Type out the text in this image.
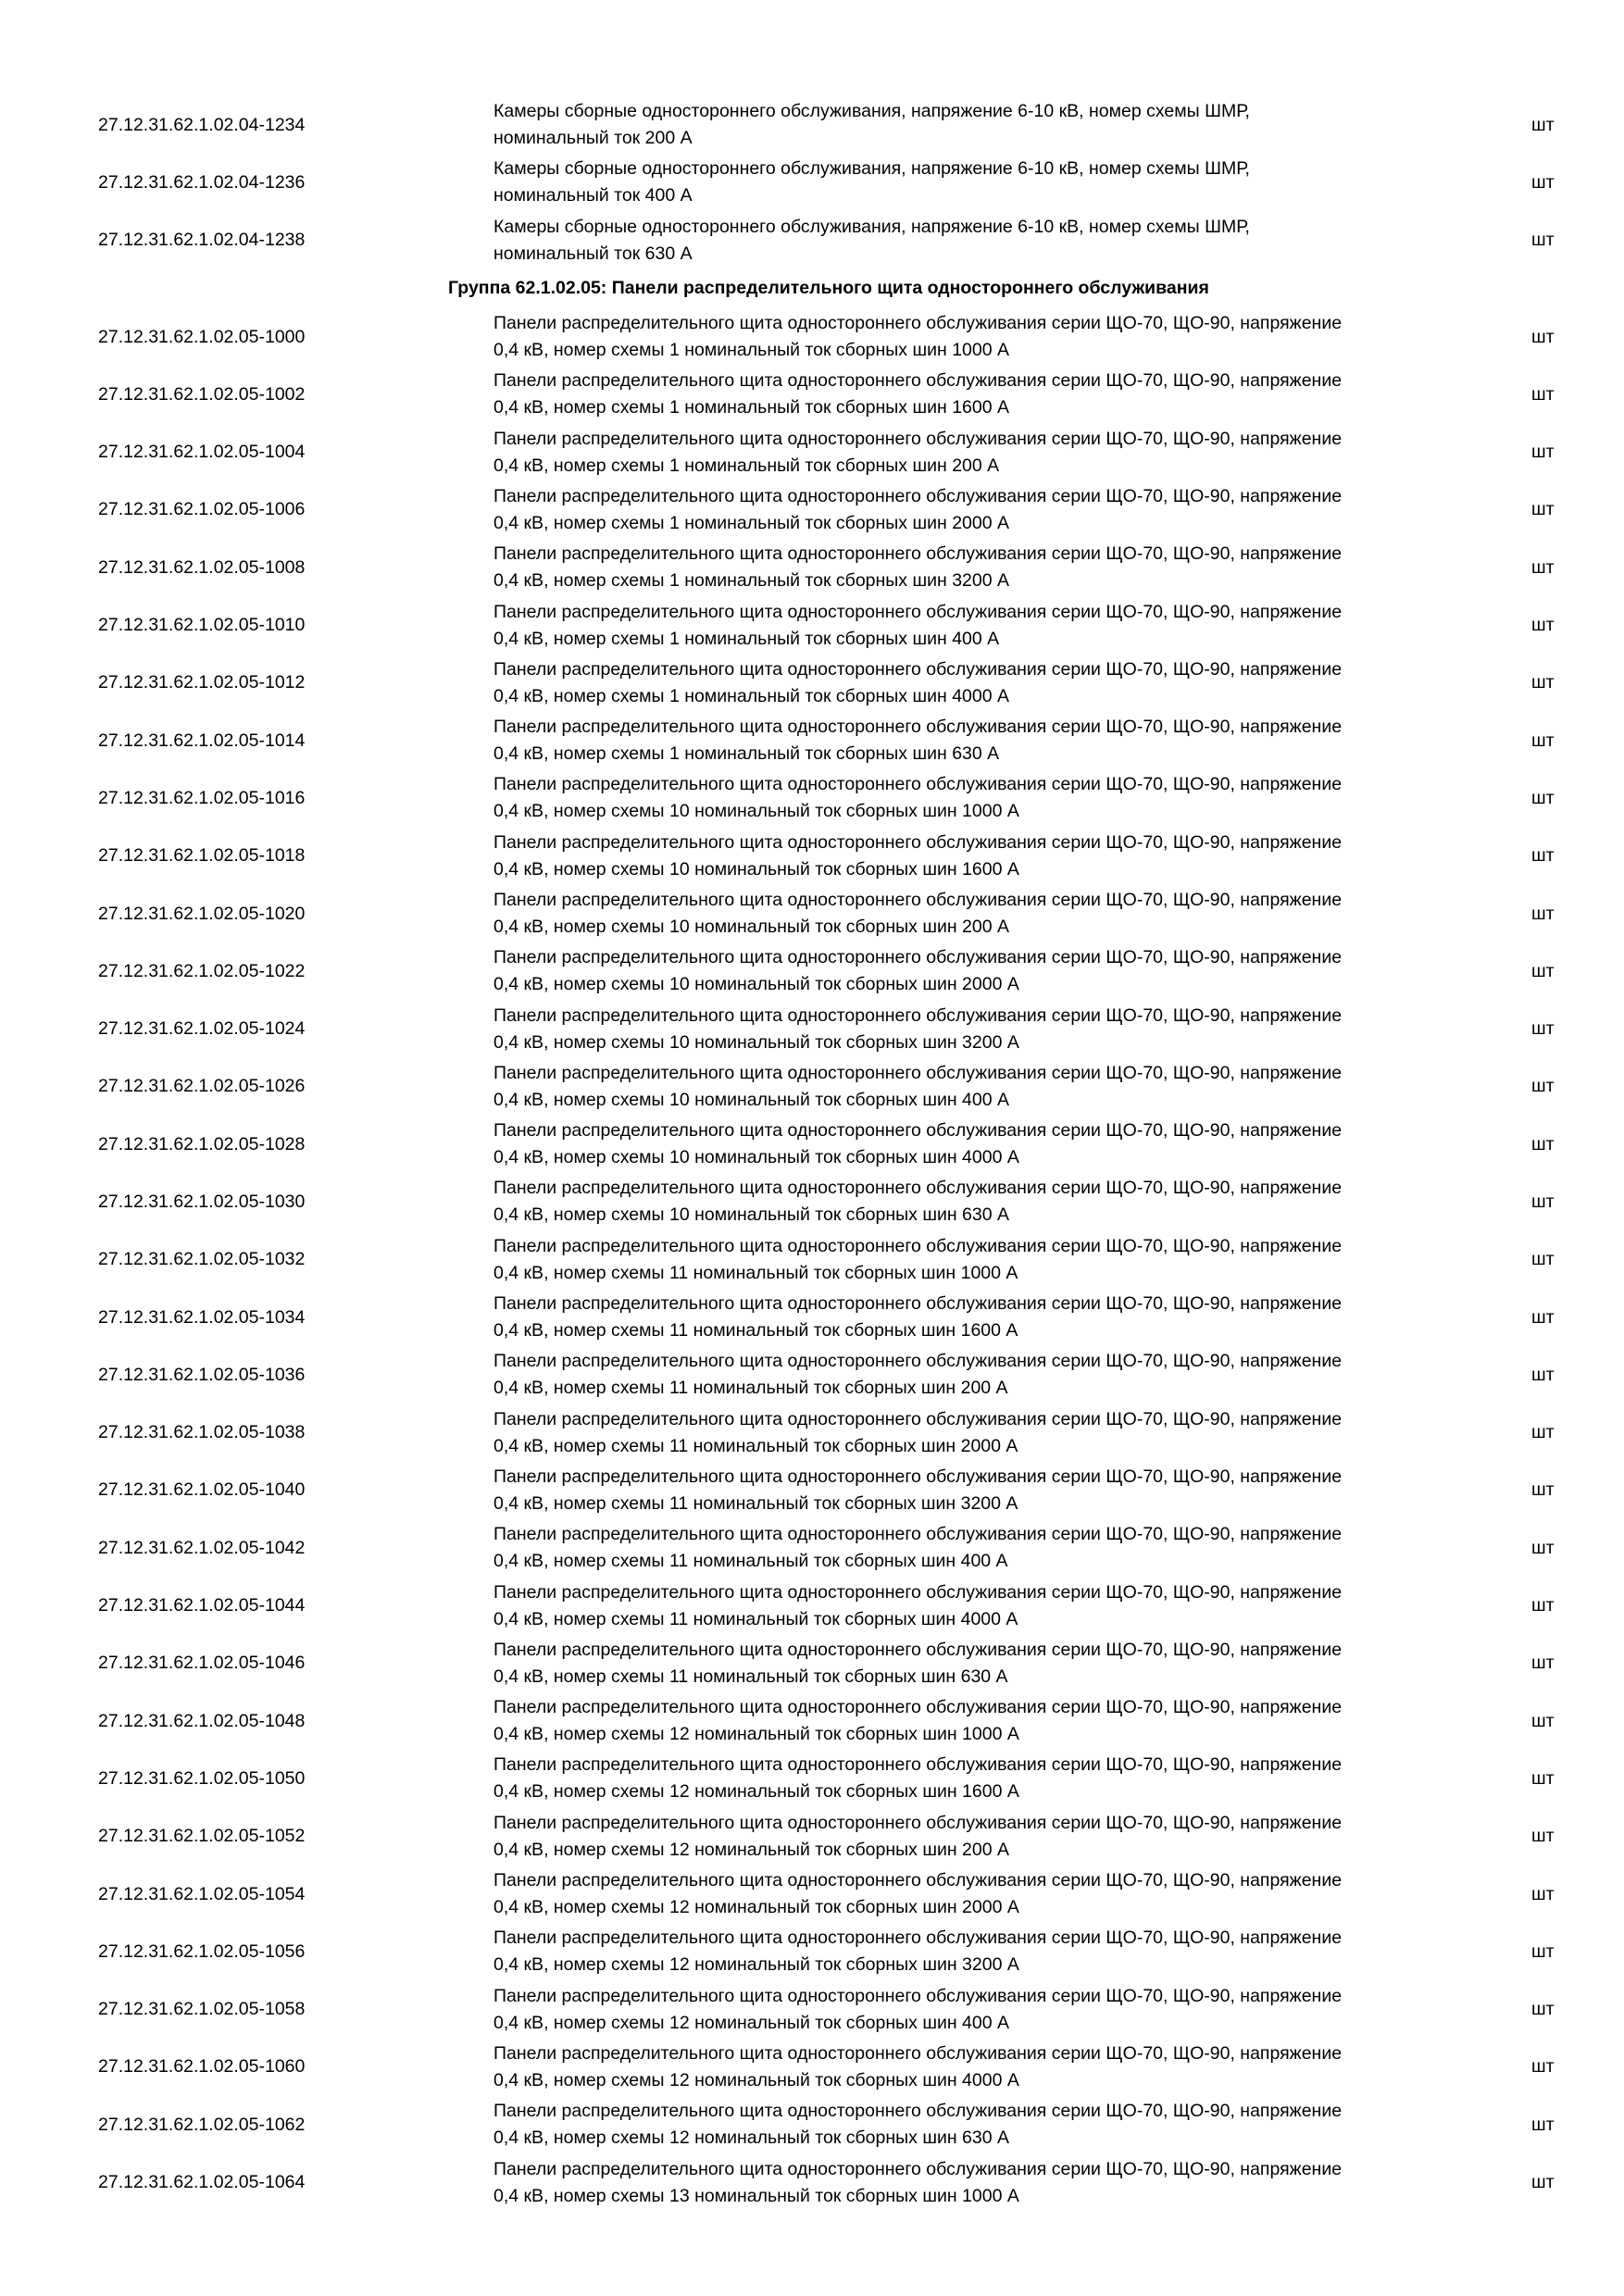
27.12.31.62.1.02.04-1234
Камеры сборные одностороннего обслуживания, напряжение 6-10 кВ, номер схемы ШМР,
номинальный ток 200 А
шт
27.12.31.62.1.02.04-1236
Камеры сборные одностороннего обслуживания, напряжение 6-10 кВ, номер схемы ШМР,
номинальный ток 400 А
шт
27.12.31.62.1.02.04-1238
Камеры сборные одностороннего обслуживания, напряжение 6-10 кВ, номер схемы ШМР,
номинальный ток 630 А
шт
Группа 62.1.02.05: Панели распределительного щита одностороннего обслуживания
27.12.31.62.1.02.05-1000
Панели распределительного щита одностороннего обслуживания серии ЩО-70, ЩО-90, напряжение
0,4 кВ, номер схемы 1 номинальный ток сборных шин 1000 А
шт
27.12.31.62.1.02.05-1002
Панели распределительного щита одностороннего обслуживания серии ЩО-70, ЩО-90, напряжение
0,4 кВ, номер схемы 1 номинальный ток сборных шин 1600 А
шт
27.12.31.62.1.02.05-1004
Панели распределительного щита одностороннего обслуживания серии ЩО-70, ЩО-90, напряжение
0,4 кВ, номер схемы 1 номинальный ток сборных шин 200 А
шт
27.12.31.62.1.02.05-1006
Панели распределительного щита одностороннего обслуживания серии ЩО-70, ЩО-90, напряжение
0,4 кВ, номер схемы 1 номинальный ток сборных шин 2000 А
шт
27.12.31.62.1.02.05-1008
Панели распределительного щита одностороннего обслуживания серии ЩО-70, ЩО-90, напряжение
0,4 кВ, номер схемы 1 номинальный ток сборных шин 3200 А
шт
27.12.31.62.1.02.05-1010
Панели распределительного щита одностороннего обслуживания серии ЩО-70, ЩО-90, напряжение
0,4 кВ, номер схемы 1 номинальный ток сборных шин 400 А
шт
27.12.31.62.1.02.05-1012
Панели распределительного щита одностороннего обслуживания серии ЩО-70, ЩО-90, напряжение
0,4 кВ, номер схемы 1 номинальный ток сборных шин 4000 А
шт
27.12.31.62.1.02.05-1014
Панели распределительного щита одностороннего обслуживания серии ЩО-70, ЩО-90, напряжение
0,4 кВ, номер схемы 1 номинальный ток сборных шин 630 А
шт
27.12.31.62.1.02.05-1016
Панели распределительного щита одностороннего обслуживания серии ЩО-70, ЩО-90, напряжение
0,4 кВ, номер схемы 10 номинальный ток сборных шин 1000 А
шт
27.12.31.62.1.02.05-1018
Панели распределительного щита одностороннего обслуживания серии ЩО-70, ЩО-90, напряжение
0,4 кВ, номер схемы 10 номинальный ток сборных шин 1600 А
шт
27.12.31.62.1.02.05-1020
Панели распределительного щита одностороннего обслуживания серии ЩО-70, ЩО-90, напряжение
0,4 кВ, номер схемы 10 номинальный ток сборных шин 200 А
шт
27.12.31.62.1.02.05-1022
Панели распределительного щита одностороннего обслуживания серии ЩО-70, ЩО-90, напряжение
0,4 кВ, номер схемы 10 номинальный ток сборных шин 2000 А
шт
27.12.31.62.1.02.05-1024
Панели распределительного щита одностороннего обслуживания серии ЩО-70, ЩО-90, напряжение
0,4 кВ, номер схемы 10 номинальный ток сборных шин 3200 А
шт
27.12.31.62.1.02.05-1026
Панели распределительного щита одностороннего обслуживания серии ЩО-70, ЩО-90, напряжение
0,4 кВ, номер схемы 10 номинальный ток сборных шин 400 А
шт
27.12.31.62.1.02.05-1028
Панели распределительного щита одностороннего обслуживания серии ЩО-70, ЩО-90, напряжение
0,4 кВ, номер схемы 10 номинальный ток сборных шин 4000 А
шт
27.12.31.62.1.02.05-1030
Панели распределительного щита одностороннего обслуживания серии ЩО-70, ЩО-90, напряжение
0,4 кВ, номер схемы 10 номинальный ток сборных шин 630 А
шт
27.12.31.62.1.02.05-1032
Панели распределительного щита одностороннего обслуживания серии ЩО-70, ЩО-90, напряжение
0,4 кВ, номер схемы 11 номинальный ток сборных шин 1000 А
шт
27.12.31.62.1.02.05-1034
Панели распределительного щита одностороннего обслуживания серии ЩО-70, ЩО-90, напряжение
0,4 кВ, номер схемы 11 номинальный ток сборных шин 1600 А
шт
27.12.31.62.1.02.05-1036
Панели распределительного щита одностороннего обслуживания серии ЩО-70, ЩО-90, напряжение
0,4 кВ, номер схемы 11 номинальный ток сборных шин 200 А
шт
27.12.31.62.1.02.05-1038
Панели распределительного щита одностороннего обслуживания серии ЩО-70, ЩО-90, напряжение
0,4 кВ, номер схемы 11 номинальный ток сборных шин 2000 А
шт
27.12.31.62.1.02.05-1040
Панели распределительного щита одностороннего обслуживания серии ЩО-70, ЩО-90, напряжение
0,4 кВ, номер схемы 11 номинальный ток сборных шин 3200 А
шт
27.12.31.62.1.02.05-1042
Панели распределительного щита одностороннего обслуживания серии ЩО-70, ЩО-90, напряжение
0,4 кВ, номер схемы 11 номинальный ток сборных шин 400 А
шт
27.12.31.62.1.02.05-1044
Панели распределительного щита одностороннего обслуживания серии ЩО-70, ЩО-90, напряжение
0,4 кВ, номер схемы 11 номинальный ток сборных шин 4000 А
шт
27.12.31.62.1.02.05-1046
Панели распределительного щита одностороннего обслуживания серии ЩО-70, ЩО-90, напряжение
0,4 кВ, номер схемы 11 номинальный ток сборных шин 630 А
шт
27.12.31.62.1.02.05-1048
Панели распределительного щита одностороннего обслуживания серии ЩО-70, ЩО-90, напряжение
0,4 кВ, номер схемы 12 номинальный ток сборных шин 1000 А
шт
27.12.31.62.1.02.05-1050
Панели распределительного щита одностороннего обслуживания серии ЩО-70, ЩО-90, напряжение
0,4 кВ, номер схемы 12 номинальный ток сборных шин 1600 А
шт
27.12.31.62.1.02.05-1052
Панели распределительного щита одностороннего обслуживания серии ЩО-70, ЩО-90, напряжение
0,4 кВ, номер схемы 12 номинальный ток сборных шин 200 А
шт
27.12.31.62.1.02.05-1054
Панели распределительного щита одностороннего обслуживания серии ЩО-70, ЩО-90, напряжение
0,4 кВ, номер схемы 12 номинальный ток сборных шин 2000 А
шт
27.12.31.62.1.02.05-1056
Панели распределительного щита одностороннего обслуживания серии ЩО-70, ЩО-90, напряжение
0,4 кВ, номер схемы 12 номинальный ток сборных шин 3200 А
шт
27.12.31.62.1.02.05-1058
Панели распределительного щита одностороннего обслуживания серии ЩО-70, ЩО-90, напряжение
0,4 кВ, номер схемы 12 номинальный ток сборных шин 400 А
шт
27.12.31.62.1.02.05-1060
Панели распределительного щита одностороннего обслуживания серии ЩО-70, ЩО-90, напряжение
0,4 кВ, номер схемы 12 номинальный ток сборных шин 4000 А
шт
27.12.31.62.1.02.05-1062
Панели распределительного щита одностороннего обслуживания серии ЩО-70, ЩО-90, напряжение
0,4 кВ, номер схемы 12 номинальный ток сборных шин 630 А
шт
27.12.31.62.1.02.05-1064
Панели распределительного щита одностороннего обслуживания серии ЩО-70, ЩО-90, напряжение
0,4 кВ, номер схемы 13 номинальный ток сборных шин 1000 А
шт
